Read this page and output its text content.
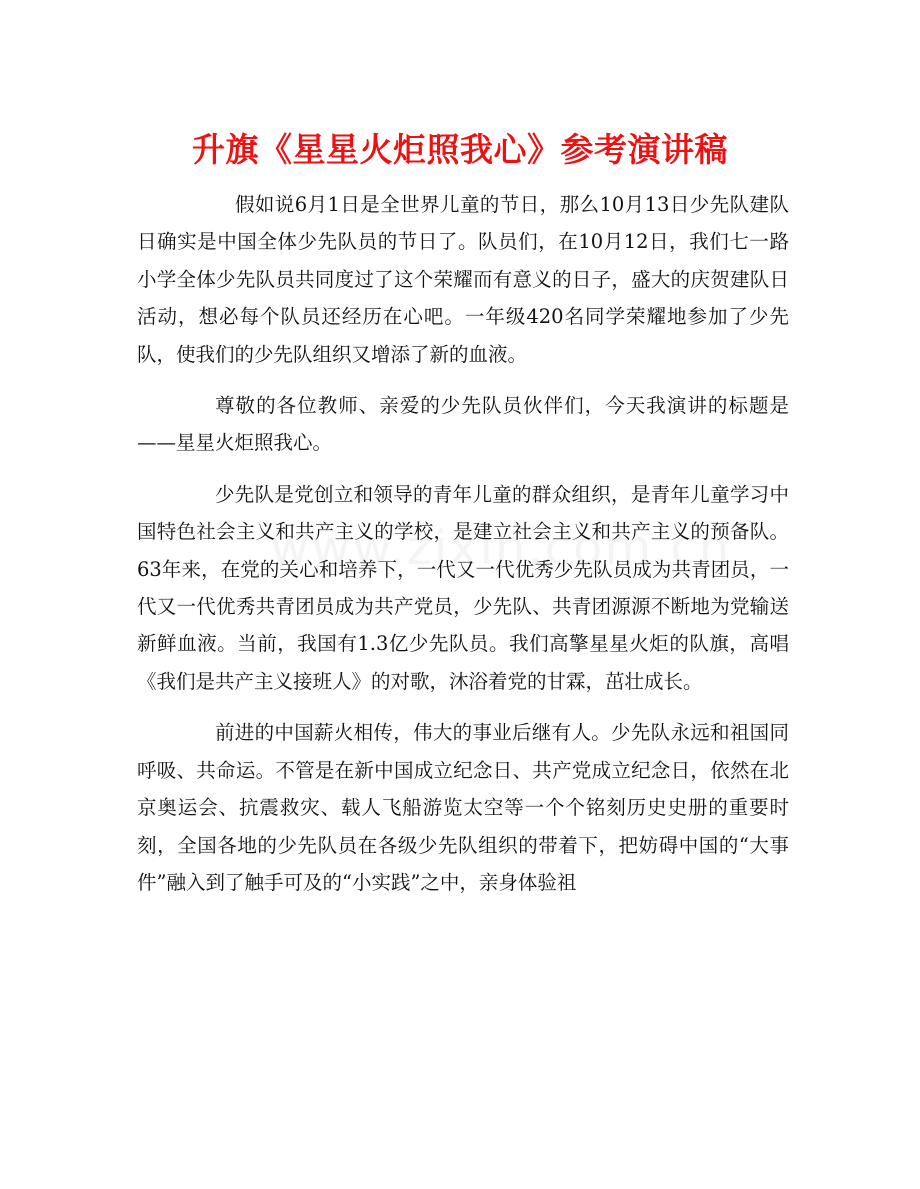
升旗《星星火炬照我心》参考演讲稿

假如说6月1日是全世界儿童的节日，那么10月13日少先队建队日确实是中国全体少先队员的节日了。队员们，在10月12日，我们七一路小学全体少先队员共同度过了这个荣耀而有意义的日子，盛大的庆贺建队日活动，想必每个队员还经历在心吧。一年级420名同学荣耀地参加了少先队，使我们的少先队组织又增添了新的血液。

尊敬的各位教师、亲爱的少先队员伙伴们，今天我演讲的标题是——星星火炬照我心。

少先队是党创立和领导的青年儿童的群众组织，是青年儿童学习中国特色社会主义和共产主义的学校，是建立社会主义和共产主义的预备队。63年来，在党的关心和培养下，一代又一代优秀少先队员成为共青团员，一代又一代优秀共青团员成为共产党员，少先队、共青团源源不断地为党输送新鲜血液。当前，我国有1.3亿少先队员。我们高擎星星火炬的队旗，高唱《我们是共产主义接班人》的对歌，沐浴着党的甘霖，茁壮成长。

前进的中国薪火相传，伟大的事业后继有人。少先队永远和祖国同呼吸、共命运。不管是在新中国成立纪念日、共产党成立纪念日，依然在北京奥运会、抗震救灾、载人飞船游览太空等一个个铭刻历史史册的重要时刻，全国各地的少先队员在各级少先队组织的带着下，把妨碍中国的“大事件”融入到了触手可及的“小实践”之中，亲身体验祖
